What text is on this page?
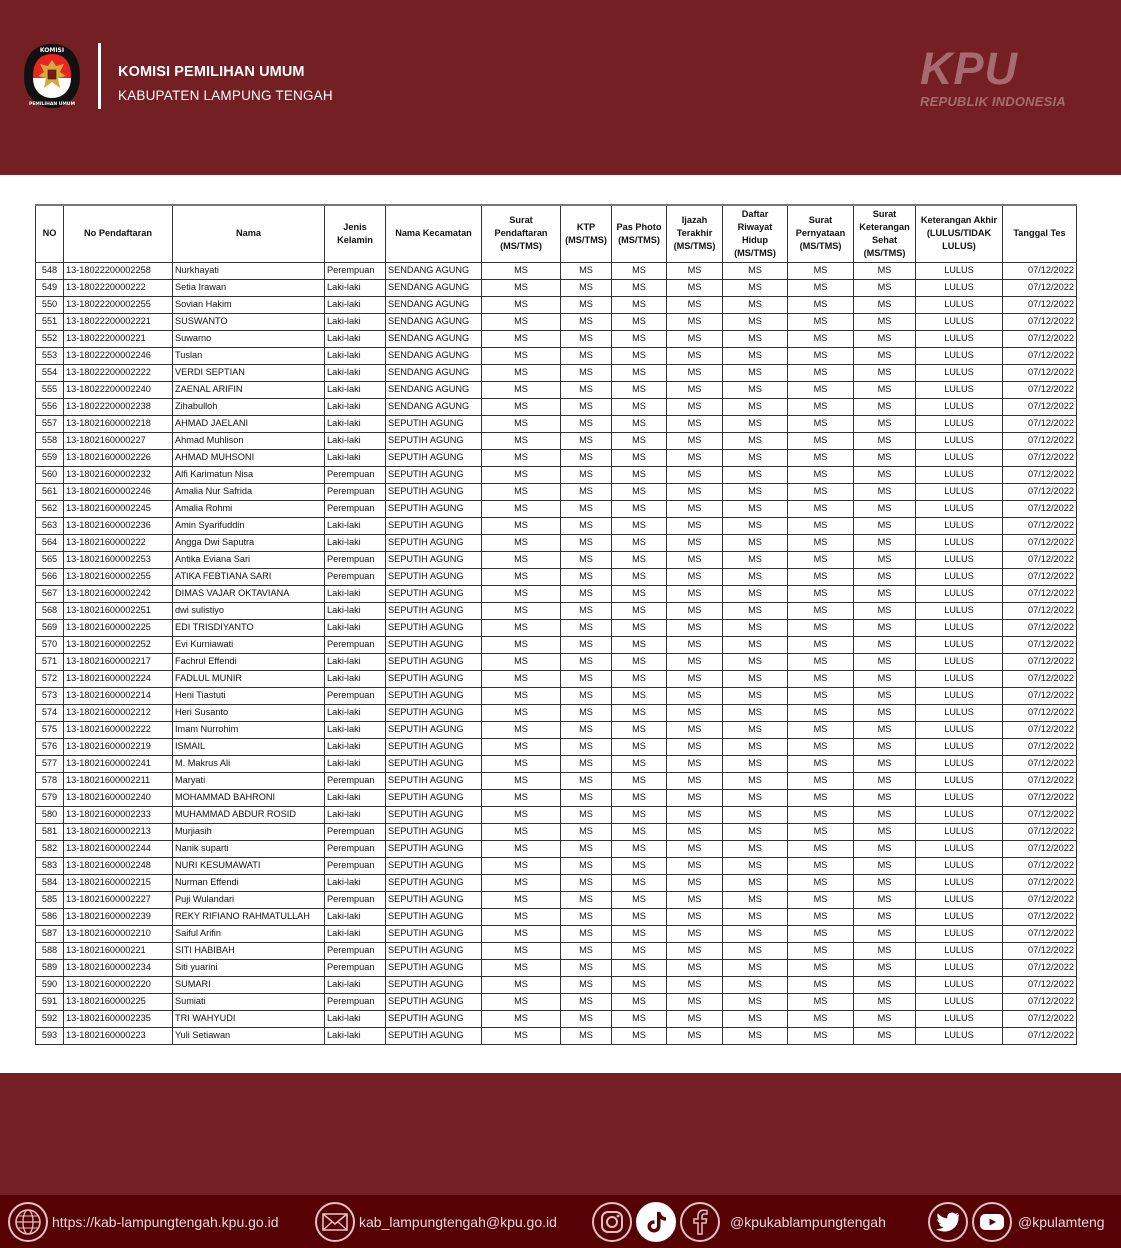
KOMISI
PEMILIHAN UMUM
KOMISI PEMILIHAN UMUM
KABUPATEN LAMPUNG TENGAH
KPU
REPUBLIK INDONESIA
NO	No Pendaftaran	Nama	Jenis Kelamin	Nama Kecamatan	Surat Pendaftaran (MS/TMS)	KTP (MS/TMS)	Pas Photo (MS/TMS)	Ijazah Terakhir (MS/TMS)	Daftar Riwayat Hidup (MS/TMS)	Surat Pernyataan (MS/TMS)	Surat Keterangan Sehat (MS/TMS)	Keterangan Akhir (LULUS/TIDAK LULUS)	Tanggal Tes
548	13-18022200002258	Nurkhayati	Perempuan	SENDANG AGUNG	MS	MS	MS	MS	MS	MS	MS	LULUS	07/12/2022
549	13-1802220000222	Setia Irawan	Laki-laki	SENDANG AGUNG	MS	MS	MS	MS	MS	MS	MS	LULUS	07/12/2022
550	13-18022200002255	Sovian Hakim	Laki-laki	SENDANG AGUNG	MS	MS	MS	MS	MS	MS	MS	LULUS	07/12/2022
551	13-18022200002221	SUSWANTO	Laki-laki	SENDANG AGUNG	MS	MS	MS	MS	MS	MS	MS	LULUS	07/12/2022
552	13-1802220000221	Suwarno	Laki-laki	SENDANG AGUNG	MS	MS	MS	MS	MS	MS	MS	LULUS	07/12/2022
553	13-18022200002246	Tuslan	Laki-laki	SENDANG AGUNG	MS	MS	MS	MS	MS	MS	MS	LULUS	07/12/2022
554	13-18022200002222	VERDI SEPTIAN	Laki-laki	SENDANG AGUNG	MS	MS	MS	MS	MS	MS	MS	LULUS	07/12/2022
555	13-18022200002240	ZAENAL ARIFIN	Laki-laki	SENDANG AGUNG	MS	MS	MS	MS	MS	MS	MS	LULUS	07/12/2022
556	13-18022200002238	Zihabulloh	Laki-laki	SENDANG AGUNG	MS	MS	MS	MS	MS	MS	MS	LULUS	07/12/2022
557	13-18021600002218	AHMAD JAELANI	Laki-laki	SEPUTIH AGUNG	MS	MS	MS	MS	MS	MS	MS	LULUS	07/12/2022
558	13-1802160000227	Ahmad Muhlison	Laki-laki	SEPUTIH AGUNG	MS	MS	MS	MS	MS	MS	MS	LULUS	07/12/2022
559	13-18021600002226	AHMAD MUHSONI	Laki-laki	SEPUTIH AGUNG	MS	MS	MS	MS	MS	MS	MS	LULUS	07/12/2022
560	13-18021600002232	Alfi Karimatun Nisa	Perempuan	SEPUTIH AGUNG	MS	MS	MS	MS	MS	MS	MS	LULUS	07/12/2022
561	13-18021600002246	Amalia Nur Safrida	Perempuan	SEPUTIH AGUNG	MS	MS	MS	MS	MS	MS	MS	LULUS	07/12/2022
562	13-18021600002245	Amalia Rohmi	Perempuan	SEPUTIH AGUNG	MS	MS	MS	MS	MS	MS	MS	LULUS	07/12/2022
563	13-18021600002236	Amin Syarifuddin	Laki-laki	SEPUTIH AGUNG	MS	MS	MS	MS	MS	MS	MS	LULUS	07/12/2022
564	13-1802160000222	Angga Dwi Saputra	Laki-laki	SEPUTIH AGUNG	MS	MS	MS	MS	MS	MS	MS	LULUS	07/12/2022
565	13-18021600002253	Antika Eviana Sari	Perempuan	SEPUTIH AGUNG	MS	MS	MS	MS	MS	MS	MS	LULUS	07/12/2022
566	13-18021600002255	ATIKA FEBTIANA SARI	Perempuan	SEPUTIH AGUNG	MS	MS	MS	MS	MS	MS	MS	LULUS	07/12/2022
567	13-18021600002242	DIMAS VAJAR OKTAVIANA	Laki-laki	SEPUTIH AGUNG	MS	MS	MS	MS	MS	MS	MS	LULUS	07/12/2022
568	13-18021600002251	dwi sulistiyo	Laki-laki	SEPUTIH AGUNG	MS	MS	MS	MS	MS	MS	MS	LULUS	07/12/2022
569	13-18021600002225	EDI TRISDIYANTO	Laki-laki	SEPUTIH AGUNG	MS	MS	MS	MS	MS	MS	MS	LULUS	07/12/2022
570	13-18021600002252	Evi Kurniawati	Perempuan	SEPUTIH AGUNG	MS	MS	MS	MS	MS	MS	MS	LULUS	07/12/2022
571	13-18021600002217	Fachrul Effendi	Laki-laki	SEPUTIH AGUNG	MS	MS	MS	MS	MS	MS	MS	LULUS	07/12/2022
572	13-18021600002224	FADLUL MUNIR	Laki-laki	SEPUTIH AGUNG	MS	MS	MS	MS	MS	MS	MS	LULUS	07/12/2022
573	13-18021600002214	Heni Tiastuti	Perempuan	SEPUTIH AGUNG	MS	MS	MS	MS	MS	MS	MS	LULUS	07/12/2022
574	13-18021600002212	Heri Susanto	Laki-laki	SEPUTIH AGUNG	MS	MS	MS	MS	MS	MS	MS	LULUS	07/12/2022
575	13-18021600002222	Imam Nurrohim	Laki-laki	SEPUTIH AGUNG	MS	MS	MS	MS	MS	MS	MS	LULUS	07/12/2022
576	13-18021600002219	ISMAIL	Laki-laki	SEPUTIH AGUNG	MS	MS	MS	MS	MS	MS	MS	LULUS	07/12/2022
577	13-18021600002241	M. Makrus Ali	Laki-laki	SEPUTIH AGUNG	MS	MS	MS	MS	MS	MS	MS	LULUS	07/12/2022
578	13-18021600002211	Maryati	Perempuan	SEPUTIH AGUNG	MS	MS	MS	MS	MS	MS	MS	LULUS	07/12/2022
579	13-18021600002240	MOHAMMAD BAHRONI	Laki-laki	SEPUTIH AGUNG	MS	MS	MS	MS	MS	MS	MS	LULUS	07/12/2022
580	13-18021600002233	MUHAMMAD ABDUR ROSID	Laki-laki	SEPUTIH AGUNG	MS	MS	MS	MS	MS	MS	MS	LULUS	07/12/2022
581	13-18021600002213	Murjiasih	Perempuan	SEPUTIH AGUNG	MS	MS	MS	MS	MS	MS	MS	LULUS	07/12/2022
582	13-18021600002244	Nanik suparti	Perempuan	SEPUTIH AGUNG	MS	MS	MS	MS	MS	MS	MS	LULUS	07/12/2022
583	13-18021600002248	NURI KESUMAWATI	Perempuan	SEPUTIH AGUNG	MS	MS	MS	MS	MS	MS	MS	LULUS	07/12/2022
584	13-18021600002215	Nurman Effendi	Laki-laki	SEPUTIH AGUNG	MS	MS	MS	MS	MS	MS	MS	LULUS	07/12/2022
585	13-18021600002227	Puji Wulandari	Perempuan	SEPUTIH AGUNG	MS	MS	MS	MS	MS	MS	MS	LULUS	07/12/2022
586	13-18021600002239	REKY RIFIANO RAHMATULLAH	Laki-laki	SEPUTIH AGUNG	MS	MS	MS	MS	MS	MS	MS	LULUS	07/12/2022
587	13-18021600002210	Saiful Arifin	Laki-laki	SEPUTIH AGUNG	MS	MS	MS	MS	MS	MS	MS	LULUS	07/12/2022
588	13-1802160000221	SITI HABIBAH	Perempuan	SEPUTIH AGUNG	MS	MS	MS	MS	MS	MS	MS	LULUS	07/12/2022
589	13-18021600002234	Siti yuarini	Perempuan	SEPUTIH AGUNG	MS	MS	MS	MS	MS	MS	MS	LULUS	07/12/2022
590	13-18021600002220	SUMARI	Laki-laki	SEPUTIH AGUNG	MS	MS	MS	MS	MS	MS	MS	LULUS	07/12/2022
591	13-1802160000225	Sumiati	Perempuan	SEPUTIH AGUNG	MS	MS	MS	MS	MS	MS	MS	LULUS	07/12/2022
592	13-18021600002235	TRI WAHYUDI	Laki-laki	SEPUTIH AGUNG	MS	MS	MS	MS	MS	MS	MS	LULUS	07/12/2022
593	13-1802160000223	Yuli Setiawan	Laki-laki	SEPUTIH AGUNG	MS	MS	MS	MS	MS	MS	MS	LULUS	07/12/2022
https://kab-lampungtengah.kpu.go.id	kab_lampungtengah@kpu.go.id	@kpukablampungtengah	@kpulamteng
